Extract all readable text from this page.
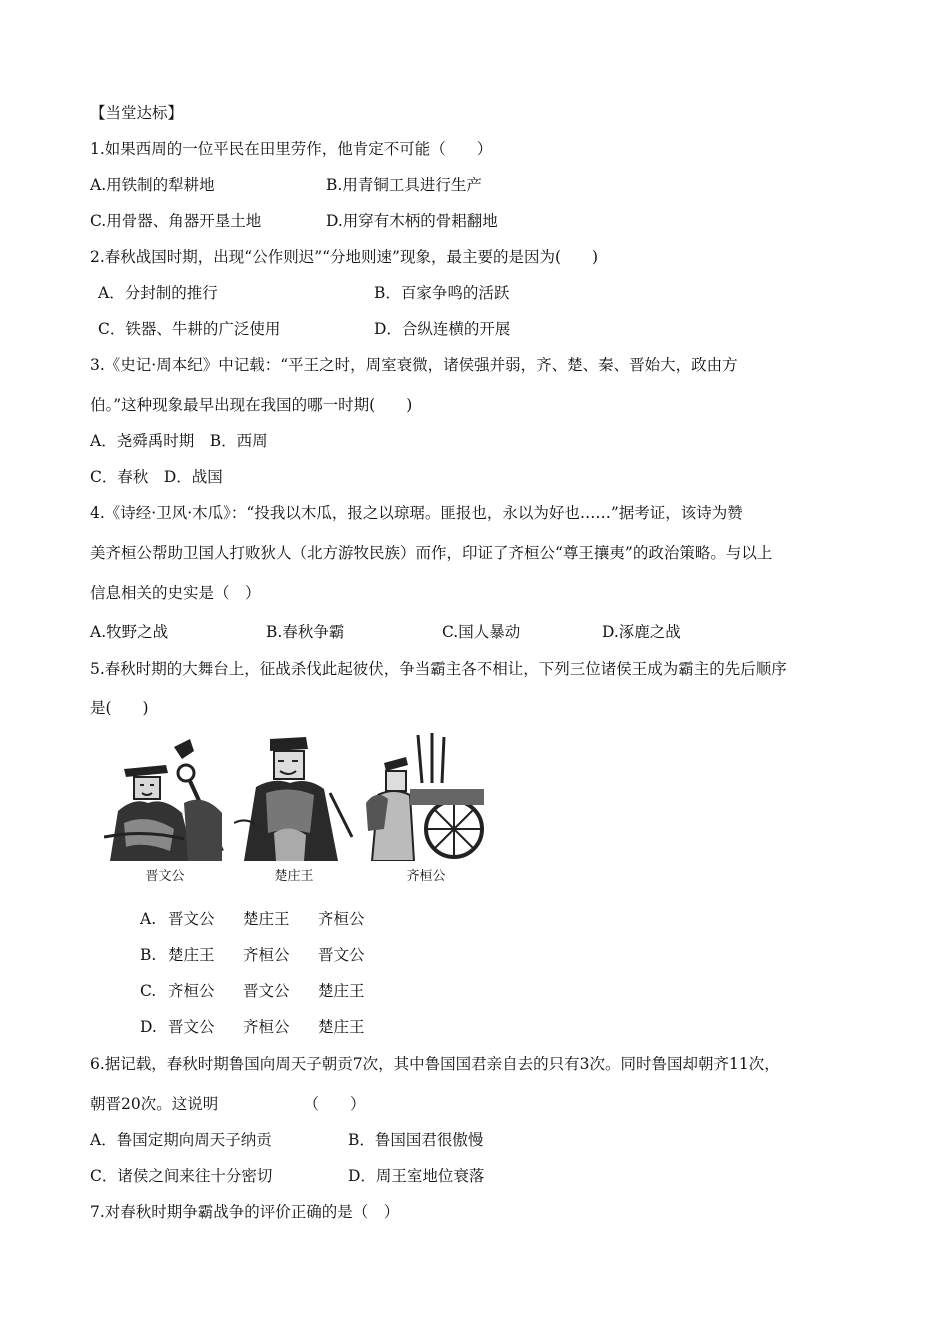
【当堂达标】
1.如果西周的一位平民在田里劳作，他肯定不可能（　　）
A.用铁制的犁耕地	B.用青铜工具进行生产
C.用骨器、角器开垦土地	D.用穿有木柄的骨耜翻地
2.春秋战国时期，出现“公作则迟”“分地则速”现象，最主要的是因为(　　)
A．分封制的推行	B．百家争鸣的活跃
C．铁器、牛耕的广泛使用	D．合纵连横的开展
3.《史记·周本纪》中记载：“平王之时，周室衰微，诸侯强并弱，齐、楚、秦、晋始大，政由方
伯。”这种现象最早出现在我国的哪一时期(　　)
A．尧舜禹时期　B．西周
C．春秋　D．战国
4.《诗经·卫风·木瓜》：“投我以木瓜，报之以琼琚。匪报也，永以为好也……”据考证，该诗为赞
美齐桓公帮助卫国人打败狄人（北方游牧民族）而作，印证了齐桓公“尊王攘夷”的政治策略。与以上
信息相关的史实是（　）
A.牧野之战	B.春秋争霸	C.国人暴动	D.涿鹿之战
5.春秋时期的大舞台上，征战杀伐此起彼伏，争当霸主各不相让，下列三位诸侯王成为霸主的先后顺序
是(　　)
晋文公	楚庄王	齐桓公
A. 晋文公 楚庄王 齐桓公
B. 楚庄王 齐桓公 晋文公
C. 齐桓公 晋文公 楚庄王
D. 晋文公 齐桓公 楚庄王
6.据记载，春秋时期鲁国向周天子朝贡7次，其中鲁国国君亲自去的只有3次。同时鲁国却朝齐11次，
朝晋20次。这说明　　　　　　（　　）
A．鲁国定期向周天子纳贡	B．鲁国国君很傲慢
C．诸侯之间来往十分密切	D．周王室地位衰落
7.对春秋时期争霸战争的评价正确的是（　）
